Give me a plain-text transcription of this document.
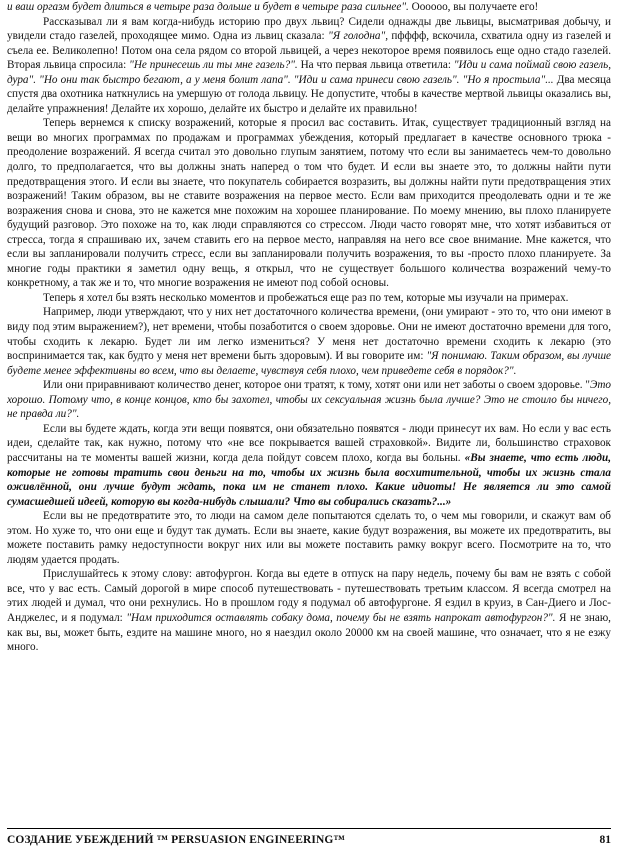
и ваш оргазм будет длиться в четыре раза дольше и будет в четыре раза сильнее". Оооооо, вы получаете его!

Рассказывал ли я вам когда-нибудь историю про двух львиц? Сидели однажды две львицы, высматривая добычу, и увидели стадо газелей, проходящее мимо. Одна из львиц сказала: "Я голодна", пфффф, вскочила, схватила одну из газелей и съела ее. Великолепно! Потом она села рядом со второй львицей, а через некоторое время появилось еще одно стадо газелей. Вторая львица спросила: "Не принесешь ли ты мне газель?". На что первая львица ответила: "Иди и сама поймай свою газель, дура". "Но они так быстро бегают, а у меня болит лапа". "Иди и сама принеси свою газель". "Но я простыла"... Два месяца спустя два охотника наткнулись на умершую от голода львицу. Не допустите, чтобы в качестве мертвой львицы оказались вы, делайте упражнения! Делайте их хорошо, делайте их быстро и делайте их правильно!

Теперь вернемся к списку возражений, которые я просил вас составить. Итак, существует традиционный взгляд на вещи во многих программах по продажам и программах убеждения, который предлагает в качестве основного трюка - преодоление возражений. Я всегда считал это довольно глупым занятием, потому что если вы занимаетесь чем-то довольно долго, то предполагается, что вы должны знать наперед о том что будет. И если вы знаете это, то должны найти пути предотвращения этого. И если вы знаете, что покупатель собирается возразить, вы должны найти пути предотвращения этих возражений! Таким образом, вы не ставите возражения на первое место. Если вам приходится преодолевать одни и те же возражения снова и снова, это не кажется мне похожим на хорошее планирование. По моему мнению, вы плохо планируете будущий разговор. Это похоже на то, как люди справляются со стрессом. Люди часто говорят мне, что хотят избавиться от стресса, тогда я спрашиваю их, зачем ставить его на первое место, направляя на него все свое внимание. Мне кажется, что если вы запланировали получить стресс, если вы запланировали получить возражения, то вы -просто плохо планируете. За многие годы практики я заметил одну вещь, я открыл, что не существует большого количества возражений чему-то конкретному, а так же и то, что многие возражения не имеют под собой основы.

Теперь я хотел бы взять несколько моментов и пробежаться еще раз по тем, которые мы изучали на примерах.

Например, люди утверждают, что у них нет достаточного количества времени, (они умирают - это то, что они имеют в виду под этим выражением?), нет времени, чтобы позаботится о своем здоровье. Они не имеют достаточно времени для того, чтобы сходить к лекарю. Будет ли им легко измениться? У меня нет достаточно времени сходить к лекарю (это воспринимается так, как будто у меня нет времени быть здоровым). И вы говорите им: "Я понимаю. Таким образом, вы лучше будете менее эффективны во всем, что вы делаете, чувствуя себя плохо, чем приведете себя в порядок?".

Или они приравнивают количество денег, которое они тратят, к тому, хотят они или нет заботы о своем здоровье. "Это хорошо. Потому что, в конце концов, кто бы захотел, чтобы их сексуальная жизнь была лучше? Это не стоило бы ничего, не правда ли?".

Если вы будете ждать, когда эти вещи появятся, они обязательно появятся - люди принесут их вам. Но если у вас есть идеи, сделайте так, как нужно, потому что «не все покрывается вашей страховкой». Видите ли, большинство страховок рассчитаны на те моменты вашей жизни, когда дела пойдут совсем плохо, когда вы больны. «Вы знаете, что есть люди, которые не готовы тратить свои деньги на то, чтобы их жизнь была восхитительной, чтобы их жизнь стала оживлённой, они лучше будут ждать, пока им не станет плохо. Какие идиоты! Не является ли это самой сумасшедшей идеей, которую вы когда-нибудь слышали? Что вы собирались сказать?...»

Если вы не предотвратите это, то люди на самом деле попытаются сделать то, о чем мы говорили, и скажут вам об этом. Но хуже то, что они еще и будут так думать. Если вы знаете, какие будут возражения, вы можете их предотвратить, вы можете поставить рамку недоступности вокруг них или вы можете поставить рамку вокруг всего. Посмотрите на то, что людям удается продать.

Прислушайтесь к этому слову: автофургон. Когда вы едете в отпуск на пару недель, почему бы вам не взять с собой все, что у вас есть. Самый дорогой в мире способ путешествовать - путешествовать третьим классом. Я всегда смотрел на этих людей и думал, что они рехнулись. Но в прошлом году я подумал об автофургоне. Я ездил в круиз, в Сан-Диего и Лос-Анджелес, и я подумал: "Нам приходится оставлять собаку дома, почему бы не взять напрокат автофургон?". Я не знаю, как вы, вы, может быть, ездите на машине много, но я наездил около 20000 км на своей машине, что означает, что я не езжу много.

СОЗДАНИЕ УБЕЖДЕНИЙ ™ PERSUASION ENGINEERING™	81
